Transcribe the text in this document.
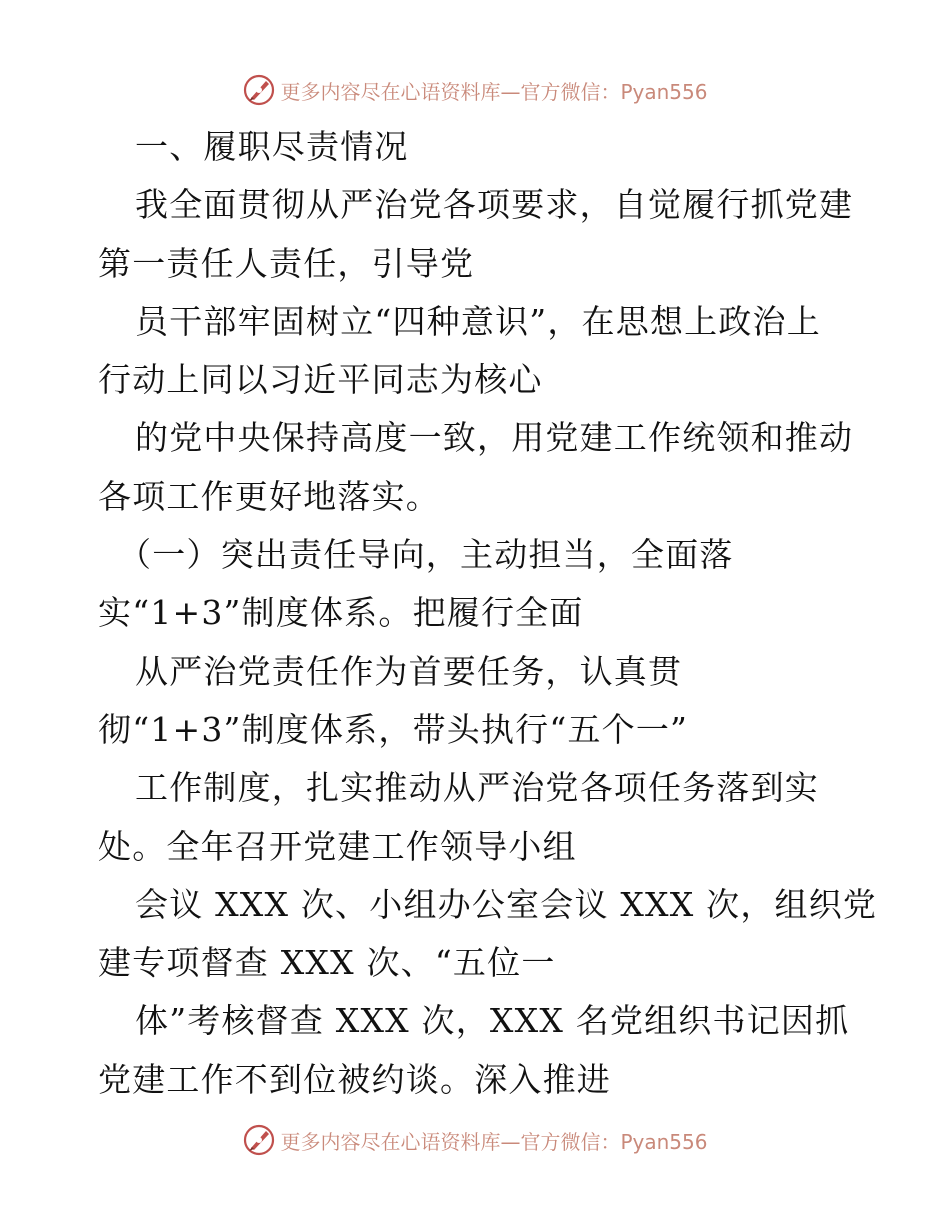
更多内容尽在心语资料库—官方微信：Pyan556
一、履职尽责情况
我全面贯彻从严治党各项要求，自觉履行抓党建
第一责任人责任，引导党
员干部牢固树立“四种意识”，在思想上政治上
行动上同以习近平同志为核心
的党中央保持高度一致，用党建工作统领和推动
各项工作更好地落实。
（一）突出责任导向，主动担当，全面落
实“1+3”制度体系。把履行全面
从严治党责任作为首要任务，认真贯
彻“1+3”制度体系，带头执行“五个一”
工作制度，扎实推动从严治党各项任务落到实
处。全年召开党建工作领导小组
会议 XXX 次、小组办公室会议 XXX 次，组织党
建专项督查 XXX 次、“五位一
体”考核督查 XXX 次，XXX 名党组织书记因抓
党建工作不到位被约谈。深入推进
更多内容尽在心语资料库—官方微信：Pyan556
